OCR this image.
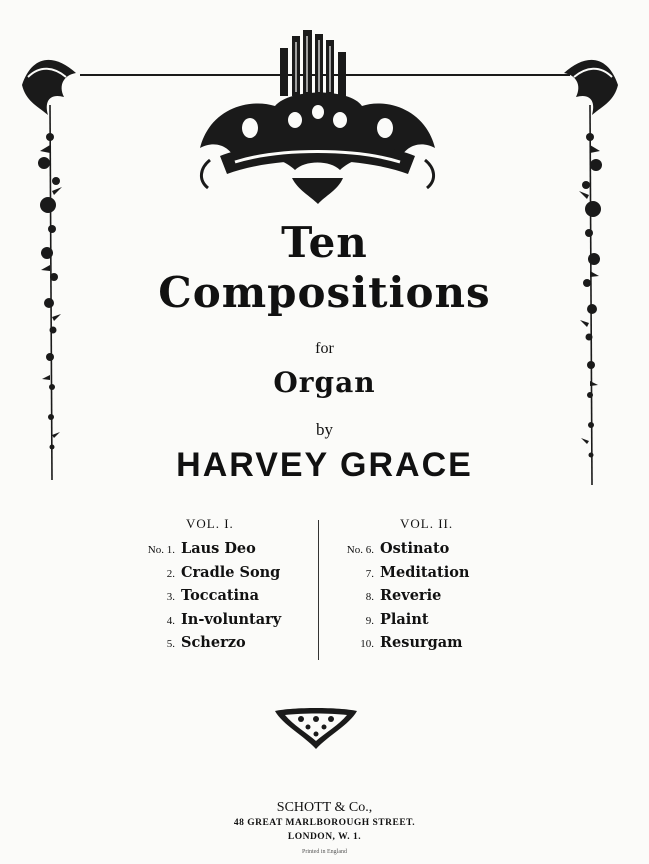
Ten
Compositions
for
Organ
by
HARVEY GRACE
VOL. I.	VOL. II.
No. 1. Laus Deo
2. Cradle Song
3. Toccatina
4. In-voluntary
5. Scherzo
No. 6. Ostinato
7. Meditation
8. Reverie
9. Plaint
10. Resurgam
SCHOTT & Co.,
48 GREAT MARLBOROUGH STREET.
LONDON, W. 1.
Printed in England
